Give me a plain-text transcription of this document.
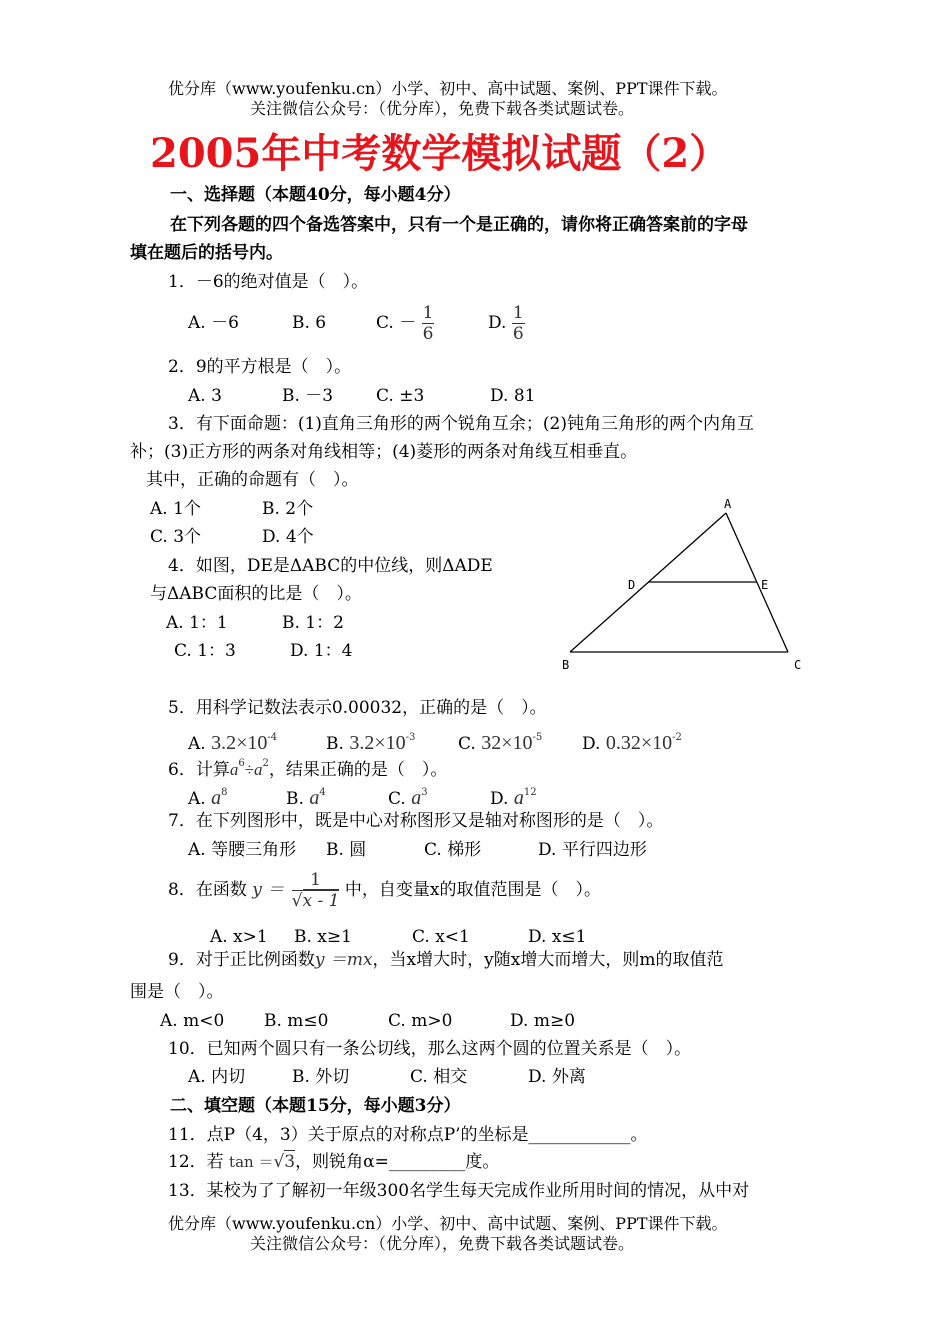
优分库（www.youfenku.cn）小学、初中、高中试题、案例、PPT课件下载。
关注微信公众号：（优分库），免费下载各类试题试卷。
2005年中考数学模拟试题（2）
一、选择题（本题40分，每小题4分）
在下列各题的四个备选答案中，只有一个是正确的，请你将正确答案前的字母
填在题后的括号内。
1．－6的绝对值是（　）。
A. －6	B. 6	C. － $\frac{1}{6}$	D. $\frac{1}{6}$
2．9的平方根是（　）。
A. 3	B. －3	C. ±3	D. 81
3．有下面命题：(1)直角三角形的两个锐角互余；(2)钝角三角形的两个内角互
补；(3)正方形的两条对角线相等；(4)菱形的两条对角线互相垂直。
其中，正确的命题有（　）。
A. 1个	B. 2个
C. 3个	D. 4个
4．如图，DE是ΔABC的中位线，则ΔADE
与ΔABC面积的比是（　）。
A. 1：1	B. 1：2
C. 1：3	D. 1：4
A
B	C
D	E
5．用科学记数法表示0.00032，正确的是（　）。
A. $3.2\times 10^{-4}$	B. $3.2\times 10^{-3}$	C. $32\times 10^{-5}$ D. $0.32\times 10^{-2}$
6．计算$a^6\div a^2$，结果正确的是（　）。
A. $a^8$	B. $a^4$	C. $a^3$	D. $a^{12}$
7．在下列图形中，既是中心对称图形又是轴对称图形的是（　）。
A. 等腰三角形 B. 圆	C. 梯形	D. 平行四边形
8．在函数 $y = \frac{1}{√x - 1}$ 中，自变量x的取值范围是（　）。
A. x>1 B. x≥1	C. x<1	D. x≤1
9．对于正比例函数y ＝mx，当x增大时，y随x增大而增大，则m的取值范
围是（　）。
A. m<0 B. m≤0	C. m>0	D. m≥0
10．已知两个圆只有一条公切线，那么这两个圆的位置关系是（　）。
A. 内切	B. 外切	C. 相交	D. 外离
二、填空题（本题15分，每小题3分）
11．点P（4，3）关于原点的对称点P’的坐标是____________。
12．若 tan ＝√3，则锐角α=_________度。
13．某校为了了解初一年级300名学生每天完成作业所用时间的情况，从中对
优分库（www.youfenku.cn）小学、初中、高中试题、案例、PPT课件下载。
关注微信公众号：（优分库），免费下载各类试题试卷。
